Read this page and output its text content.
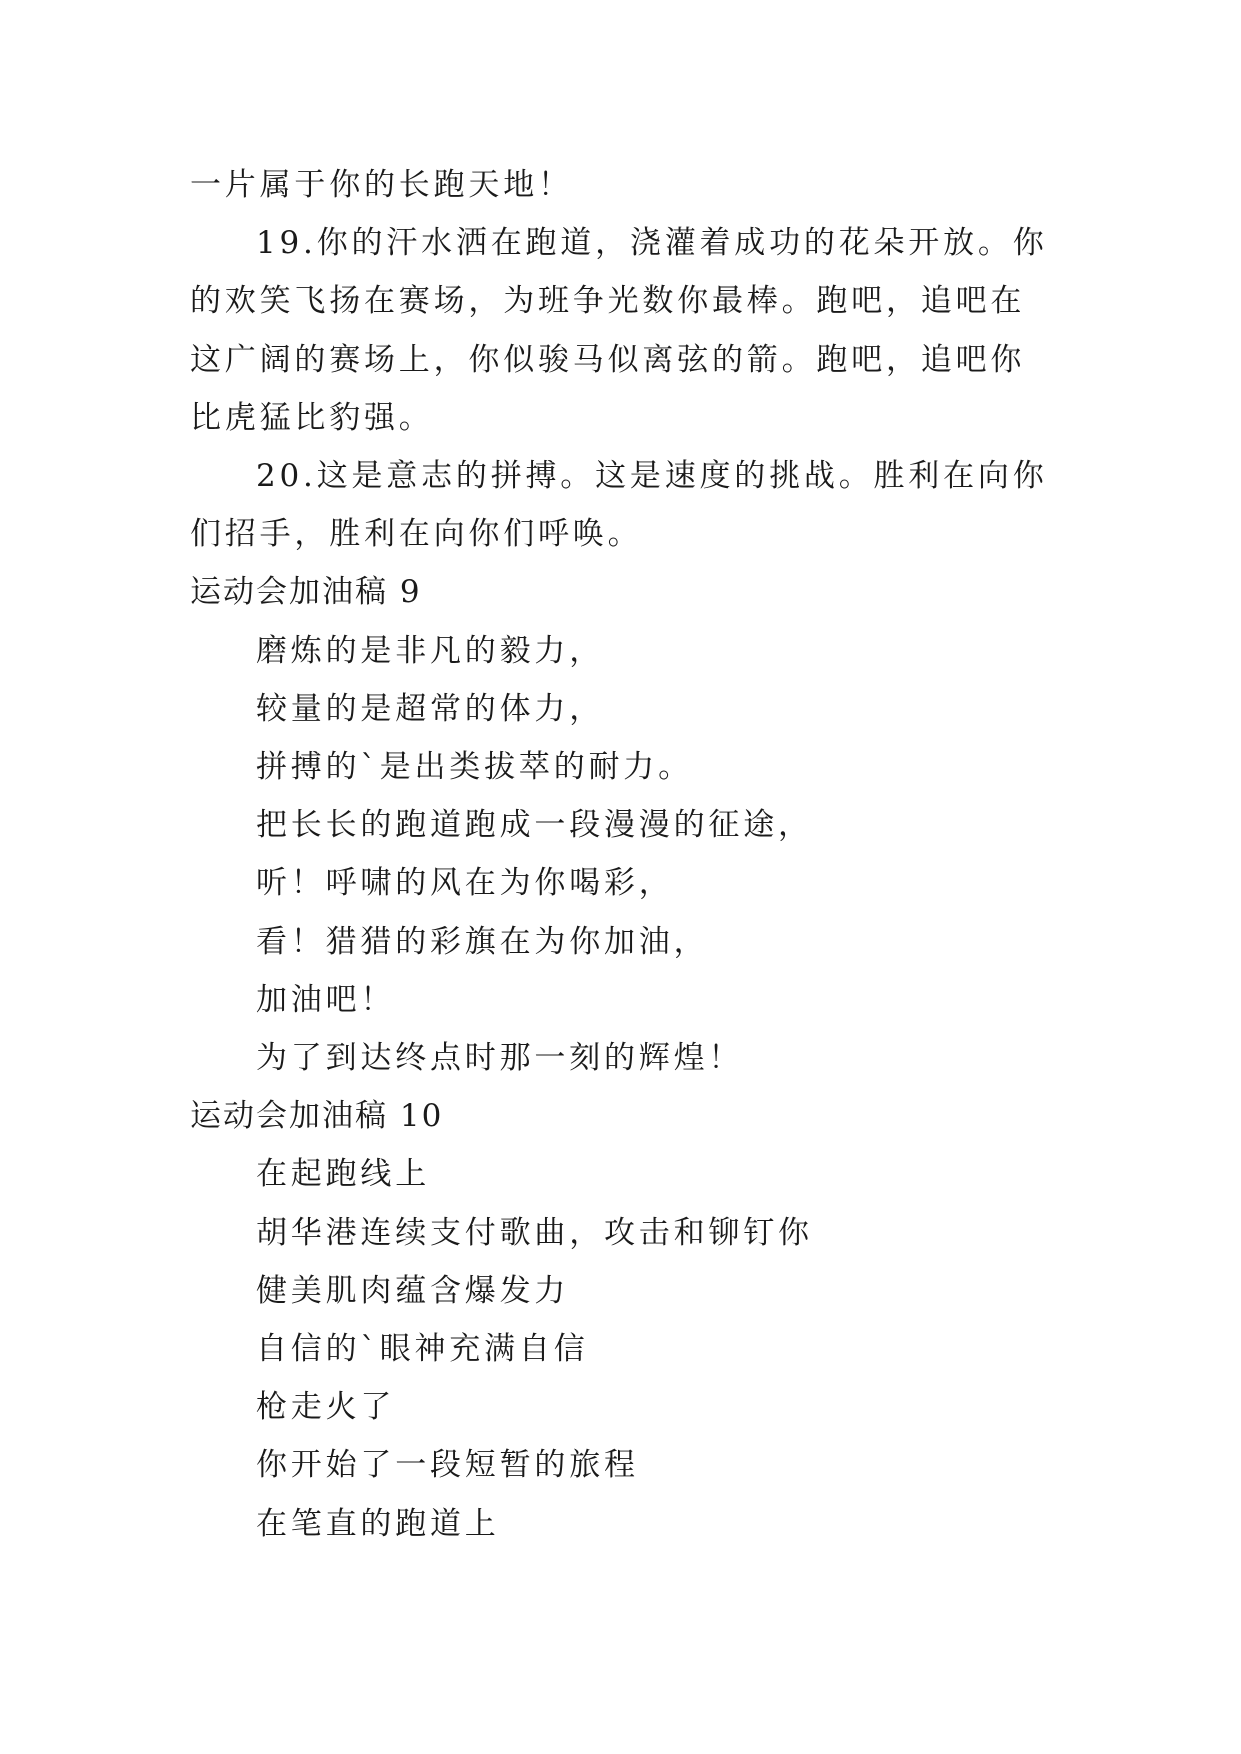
一片属于你的长跑天地！

19.你的汗水洒在跑道，浇灌着成功的花朵开放。你的欢笑飞扬在赛场，为班争光数你最棒。跑吧，追吧在这广阔的赛场上，你似骏马似离弦的箭。跑吧，追吧你比虎猛比豹强。

20.这是意志的拼搏。这是速度的挑战。胜利在向你们招手，胜利在向你们呼唤。

运动会加油稿 9

磨炼的是非凡的毅力，

较量的是超常的体力，

拼搏的`是出类拔萃的耐力。

把长长的跑道跑成一段漫漫的征途，

听！呼啸的风在为你喝彩，

看！猎猎的彩旗在为你加油，

加油吧！

为了到达终点时那一刻的辉煌！

运动会加油稿 10

在起跑线上

胡华港连续支付歌曲，攻击和铆钉你

健美肌肉蕴含爆发力

自信的`眼神充满自信

枪走火了

你开始了一段短暂的旅程

在笔直的跑道上
